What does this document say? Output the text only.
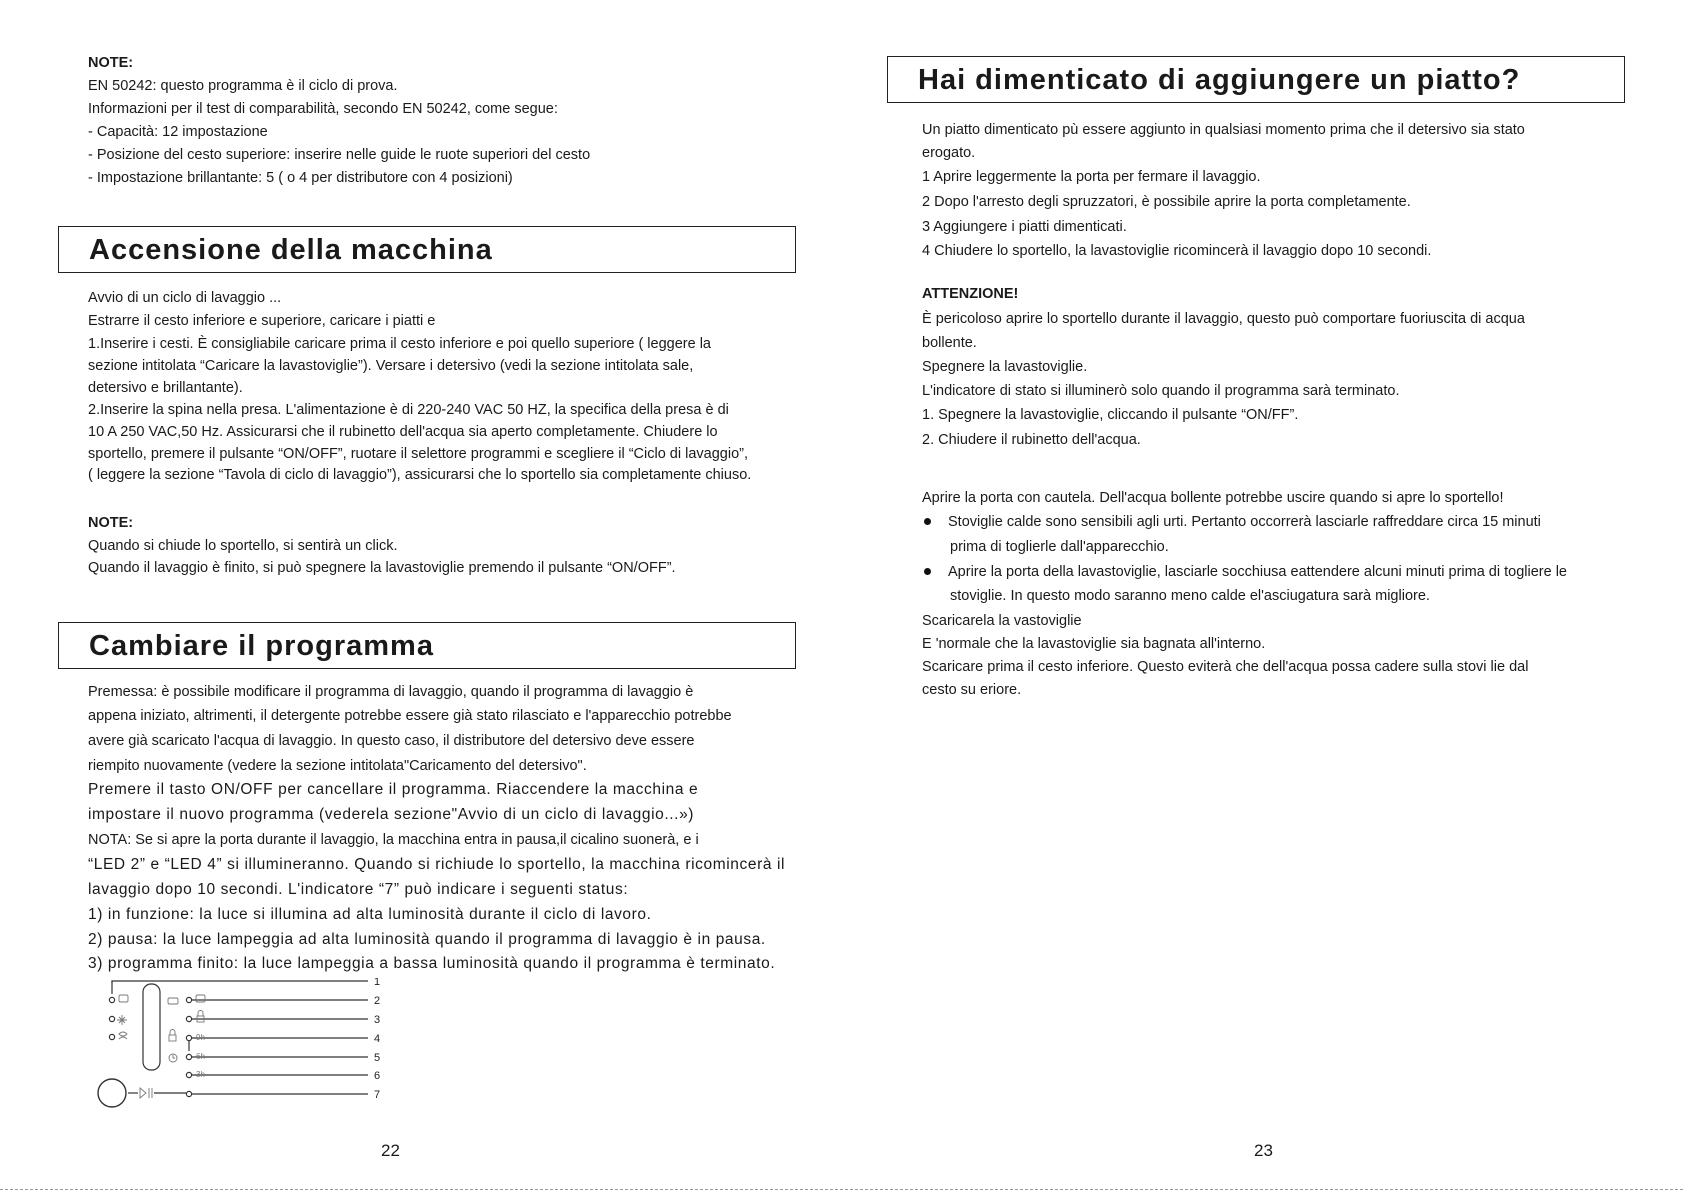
NOTE:
EN 50242: questo programma è il ciclo di prova.
Informazioni per il test di comparabilità, secondo EN 50242, come segue:
- Capacità: 12 impostazione
- Posizione del cesto superiore: inserire nelle guide le ruote superiori del cesto
- Impostazione brillantante: 5 ( o 4 per distributore con 4 posizioni)
Accensione della macchina
Avvio di un ciclo di lavaggio ...
Estrarre il cesto inferiore e superiore, caricare i piatti e
1.Inserire i cesti. È consigliabile caricare prima il cesto inferiore e poi quello superiore ( leggere la
sezione intitolata “Caricare la lavastoviglie”). Versare i detersivo (vedi la sezione intitolata sale,
detersivo e brillantante).
2.Inserire la spina nella presa. L'alimentazione è di 220-240 VAC 50 HZ, la specifica della presa è di
10 A 250 VAC,50 Hz. Assicurarsi che il rubinetto dell'acqua sia aperto completamente. Chiudere lo
sportello, premere il pulsante “ON/OFF”, ruotare il selettore programmi e scegliere il “Ciclo di lavaggio”,
( leggere la sezione “Tavola di ciclo di lavaggio”), assicurarsi che lo sportello sia completamente chiuso.
NOTE:
Quando si chiude lo sportello, si sentirà un click.
Quando il lavaggio è finito, si può spegnere la lavastoviglie premendo il pulsante “ON/OFF”.
Cambiare il programma
Premessa: è possibile modificare il programma di lavaggio, quando il programma di lavaggio è
appena iniziato, altrimenti, il detergente potrebbe essere già stato rilasciato e l'apparecchio potrebbe
avere già scaricato l'acqua di lavaggio. In questo caso, il distributore del detersivo deve essere
riempito nuovamente (vedere la sezione intitolata"Caricamento del detersivo".
Premere il tasto ON/OFF per cancellare il programma. Riaccendere la macchina e
impostare il nuovo programma (vederela sezione"Avvio di un ciclo di lavaggio...»)
NOTA: Se si apre la porta durante il lavaggio, la macchina entra in pausa,il cicalino suonerà, e i
“LED 2” e “LED 4” si illumineranno. Quando si richiude lo sportello, la macchina ricomincerà il
lavaggio dopo 10 secondi. L'indicatore “7” può indicare i seguenti status:
1) in funzione: la luce si illumina ad alta luminosità durante il ciclo di lavoro.
2) pausa: la luce lampeggia ad alta luminosità quando il programma di lavaggio è in pausa.
3) programma finito: la luce lampeggia a bassa luminosità quando il programma è terminato.
9h
6h
3h
1
2
3
4
5
6
7
22
Hai dimenticato di aggiungere un piatto?
Un piatto dimenticato pù essere aggiunto in qualsiasi momento prima che il detersivo sia stato
erogato.
1 Aprire leggermente la porta per fermare il lavaggio.
2 Dopo l'arresto degli spruzzatori, è possibile aprire la porta completamente.
3 Aggiungere i piatti dimenticati.
4 Chiudere lo sportello, la lavastoviglie ricomincerà il lavaggio dopo 10 secondi.
ATTENZIONE!
È pericoloso aprire lo sportello durante il lavaggio, questo può comportare fuoriuscita di acqua
bollente.
Spegnere la lavastoviglie.
L'indicatore di stato si illuminerò solo quando il programma sarà terminato.
1. Spegnere la lavastoviglie, cliccando il pulsante “ON/FF”.
2. Chiudere il rubinetto dell'acqua.
Aprire la porta con cautela. Dell'acqua bollente potrebbe uscire quando si apre lo sportello!
Stoviglie calde sono sensibili agli urti. Pertanto occorrerà lasciarle raffreddare circa 15 minuti
prima di toglierle dall'apparecchio.
Aprire la porta della lavastoviglie, lasciarle socchiusa eattendere alcuni minuti prima di togliere le
stoviglie. In questo modo saranno meno calde el'asciugatura sarà migliore.
Scaricarela la vastoviglie
E 'normale che la lavastoviglie sia bagnata all'interno.
Scaricare prima il cesto inferiore. Questo eviterà che dell'acqua possa cadere sulla stovi lie dal
cesto su eriore.
23
